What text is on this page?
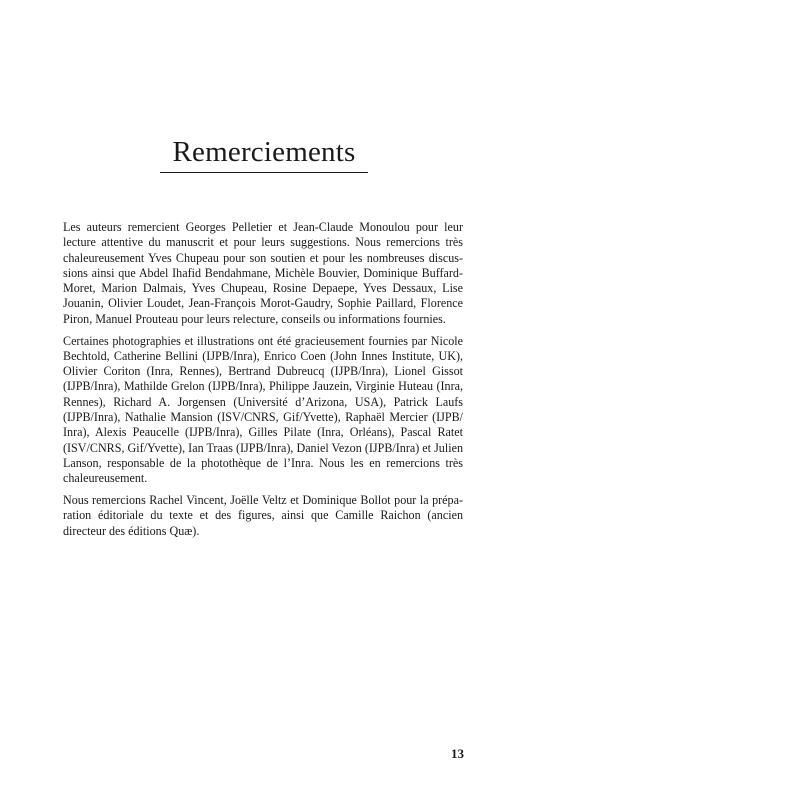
Remerciements

Les auteurs remercient Georges Pelletier et Jean-Claude Monoulou pour leur lecture attentive du manuscrit et pour leurs suggestions. Nous remercions très chaleureusement Yves Chupeau pour son soutien et pour les nombreuses discussions ainsi que Abdel Ihafid Bendahmane, Michèle Bouvier, Dominique Buffard-Moret, Marion Dalmais, Yves Chupeau, Rosine Depaepe, Yves Dessaux, Lise Jouanin, Olivier Loudet, Jean-François Morot-Gaudry, Sophie Paillard, Florence Piron, Manuel Prouteau pour leurs relecture, conseils ou informations fournies.

Certaines photographies et illustrations ont été gracieusement fournies par Nicole Bechtold, Catherine Bellini (IJPB/Inra), Enrico Coen (John Innes Institute, UK), Olivier Coriton (Inra, Rennes), Bertrand Dubreucq (IJPB/Inra), Lionel Gissot (IJPB/Inra), Mathilde Grelon (IJPB/Inra), Philippe Jauzein, Virginie Huteau (Inra, Rennes), Richard A. Jorgensen (Université d’Arizona, USA), Patrick Laufs (IJPB/Inra), Nathalie Mansion (ISV/CNRS, Gif/Yvette), Raphaël Mercier (IJPB/​Inra), Alexis Peaucelle (IJPB/Inra), Gilles Pilate (Inra, Orléans), Pascal Ratet (ISV/CNRS, Gif/Yvette), Ian Traas (IJPB/Inra), Daniel Vezon (IJPB/Inra) et Julien Lanson, responsable de la photothèque de l’Inra. Nous les en remercions très chaleureusement.

Nous remercions Rachel Vincent, Joëlle Veltz et Dominique Bollot pour la préparation éditoriale du texte et des figures, ainsi que Camille Raichon (ancien directeur des éditions Quæ).

13
